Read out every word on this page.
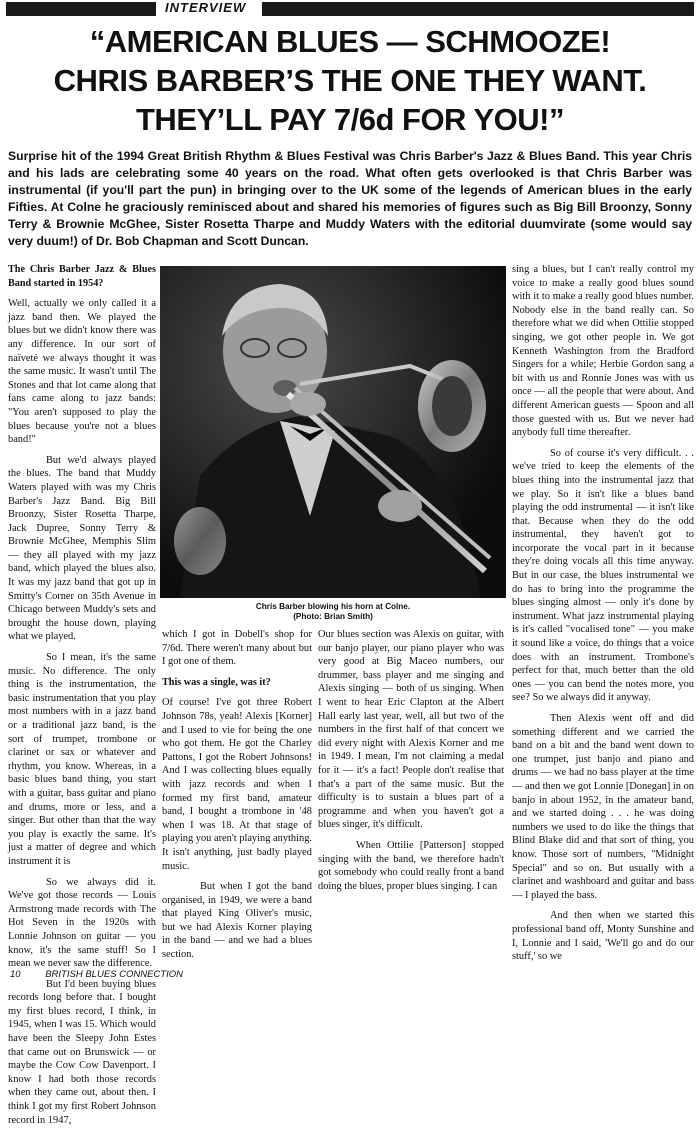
INTERVIEW
“AMERICAN BLUES — SCHMOOZE!
CHRIS BARBER’S THE ONE THEY WANT.
THEY’LL PAY 7/6d FOR YOU!”
Surprise hit of the 1994 Great British Rhythm & Blues Festival was Chris Barber's Jazz & Blues Band. This year Chris and his lads are celebrating some 40 years on the road. What often gets overlooked is that Chris Barber was instrumental (if you'll part the pun) in bringing over to the UK some of the legends of American blues in the early Fifties. At Colne he graciously reminisced about and shared his memories of figures such as Big Bill Broonzy, Sonny Terry & Brownie McGhee, Sister Rosetta Tharpe and Muddy Waters with the editorial duumvirate (some would say very duum!) of Dr. Bob Chapman and Scott Duncan.

The Chris Barber Jazz & Blues Band started in 1954?

Well, actually we only called it a jazz band then. We played the blues but we didn't know there was any difference. In our sort of naïveté we always thought it was the same music. It wasn't until The Stones and that lot came along that fans came along to jazz bands: "You aren't supposed to play the blues because you're not a blues band!"

But we'd always played the blues. The band that Muddy Waters played with was my Chris Barber's Jazz Band. Big Bill Broonzy, Sister Rosetta Tharpe, Jack Dupree, Sonny Terry & Brownie McGhee, Memphis Slim — they all played with my jazz band, which played the blues also. It was my jazz band that got up in Smitty's Corner on 35th Avenue in Chicago between Muddy's sets and brought the house down, playing what we played.

So I mean, it's the same music. No difference. The only thing is the instrumentation, the basic instrumentation that you play most numbers with in a jazz band or a traditional jazz band, is the sort of trumpet, trombone or clarinet or sax or whatever and rhythm, you know. Whereas, in a basic blues band thing, you start with a guitar, bass guitar and piano and drums, more or less, and a singer. But other than that the way you play is exactly the same. It's just a matter of degree and which instrument it is

So we always did it. We've got those records — Louis Armstrong made records with The Hot Seven in the 1920s with Lonnie Johnson on guitar — you know, it's the same stuff! So I mean we never saw the difference.

But I'd been buying blues records long before that. I bought my first blues record, I think, in 1945, when I was 15. Which would have been the Sleepy John Estes that came out on Brunswick — or maybe the Cow Cow Davenport. I know I had both those records when they came out, about then. I think I got my first Robert Johnson record in 1947,

Chris Barber blowing his horn at Colne.
(Photo: Brian Smith)

which I got in Dobell's shop for 7/6d. There weren't many about but I got one of them.

This was a single, was it?

Of course! I've got three Robert Johnson 78s, yeah! Alexis [Korner] and I used to vie for being the one who got them. He got the Charley Pattons, I got the Robert Johnsons! And I was collecting blues equally with jazz records and when I formed my first band, amateur band, I bought a trombone in '48 when I was 18. At that stage of playing you aren't playing anything. It isn't anything, just badly played music.

But when I got the band organised, in 1949, we were a band that played King Oliver's music, but we had Alexis Korner playing in the band — and we had a blues section.

Our blues section was Alexis on guitar, with our banjo player, our piano player who was very good at Big Maceo numbers, our drummer, bass player and me singing and Alexis singing — both of us singing. When I went to hear Eric Clapton at the Albert Hall early last year, well, all but two of the numbers in the first half of that concert we did every night with Alexis Korner and me in 1949. I mean, I'm not claiming a medal for it — it's a fact! People don't realise that that's a part of the same music. But the difficulty is to sustain a blues part of a programme and when you haven't got a blues singer, it's difficult.

When Ottilie [Patterson] stopped singing with the band, we therefore hadn't got somebody who could really front a band doing the blues, proper blues singing. I can

sing a blues, but I can't really control my voice to make a really good blues sound with it to make a really good blues number. Nobody else in the band really can. So therefore what we did when Ottilie stopped singing, we got other people in. We got Kenneth Washington from the Bradford Singers for a while; Herbie Gordon sang a bit with us and Ronnie Jones was with us once — all the people that were about. And different American guests — Spoon and all those guested with us. But we never had anybody full time thereafter.

So of course it's very difficult. . . we've tried to keep the elements of the blues thing into the instrumental jazz that we play. So it isn't like a blues band playing the odd instrumental — it isn't like that. Because when they do the odd instrumental, they haven't got to incorporate the vocal part in it because they're doing vocals all this time anyway. But in our case, the blues instrumental we do has to bring into the programme the blues singing almost — only it's done by instrument. What jazz instrumental playing is it's called "vocalised tone" — you make it sound like a voice, do things that a voice does with an instrument. Trombone's perfect for that, much better than the old ones — you can bend the notes more, you see? So we always did it anyway.

Then Alexis went off and did something different and we carried the band on a bit and the band went down to one trumpet, just banjo and piano and drums — we had no bass player at the time — and then we got Lonnie [Donegan] in on banjo in about 1952, in the amateur band, and we started doing . . . he was doing numbers we used to do like the things that Blind Blake did and that sort of thing, you know. Those sort of numbers, "Midnight Special" and so on. But usually with a clarinet and washboard and guitar and bass — I played the bass.

And then when we started this professional band off, Monty Sunshine and I, Lonnie and I said, 'We'll go and do our stuff,' so we

10	BRITISH BLUES CONNECTION
